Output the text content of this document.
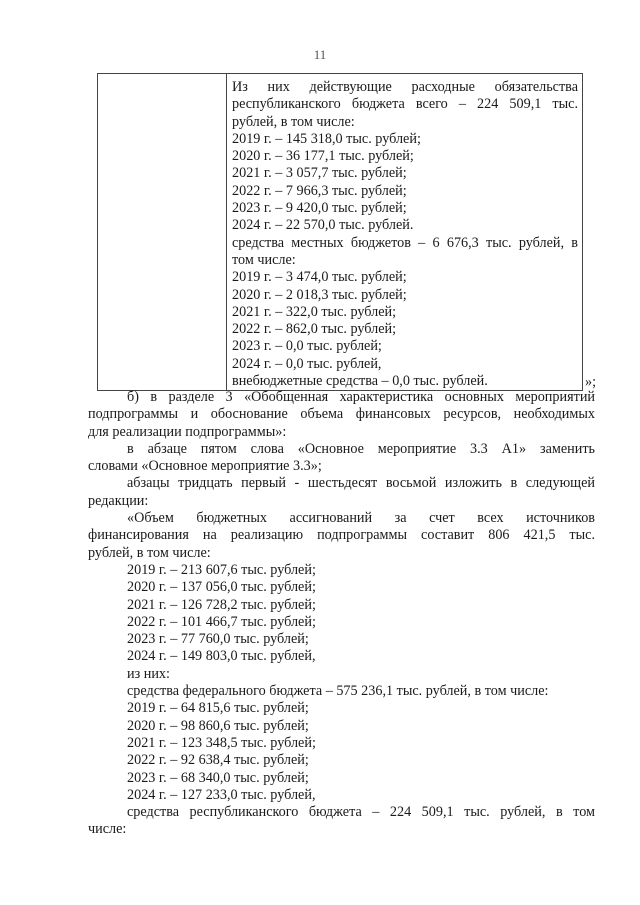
11
Из них действующие расходные обязательства
республиканского бюджета всего – 224 509,1 тыс.
рублей, в том числе:
2019 г. – 145 318,0 тыс. рублей;
2020 г. – 36 177,1 тыс. рублей;
2021 г. – 3 057,7 тыс. рублей;
2022 г. – 7 966,3 тыс. рублей;
2023 г. – 9 420,0 тыс. рублей;
2024 г. – 22 570,0 тыс. рублей.
средства местных бюджетов – 6 676,3 тыс. рублей, в
том числе:
2019 г. – 3 474,0 тыс. рублей;
2020 г. – 2 018,3 тыс. рублей;
2021 г. – 322,0 тыс. рублей;
2022 г. – 862,0 тыс. рублей;
2023 г. – 0,0 тыс. рублей;
2024 г. – 0,0 тыс. рублей,
внебюджетные средства – 0,0 тыс. рублей.	»;
б) в разделе 3 «Обобщенная характеристика основных мероприятий
подпрограммы и обоснование объема финансовых ресурсов, необходимых
для реализации подпрограммы»:
в абзаце пятом слова «Основное мероприятие 3.3 А1» заменить
словами «Основное мероприятие 3.3»;
абзацы тридцать первый - шестьдесят восьмой изложить в следующей
редакции:
«Объем бюджетных ассигнований за счет всех источников
финансирования на реализацию подпрограммы составит 806 421,5 тыс.
рублей, в том числе:
2019 г. – 213 607,6 тыс. рублей;
2020 г. – 137 056,0 тыс. рублей;
2021 г. – 126 728,2 тыс. рублей;
2022 г. – 101 466,7 тыс. рублей;
2023 г. – 77 760,0 тыс. рублей;
2024 г. – 149 803,0 тыс. рублей,
из них:
средства федерального бюджета – 575 236,1 тыс. рублей, в том числе:
2019 г. – 64 815,6 тыс. рублей;
2020 г. – 98 860,6 тыс. рублей;
2021 г. – 123 348,5 тыс. рублей;
2022 г. – 92 638,4 тыс. рублей;
2023 г. – 68 340,0 тыс. рублей;
2024 г. – 127 233,0 тыс. рублей,
средства республиканского бюджета – 224 509,1 тыс. рублей, в том
числе:
